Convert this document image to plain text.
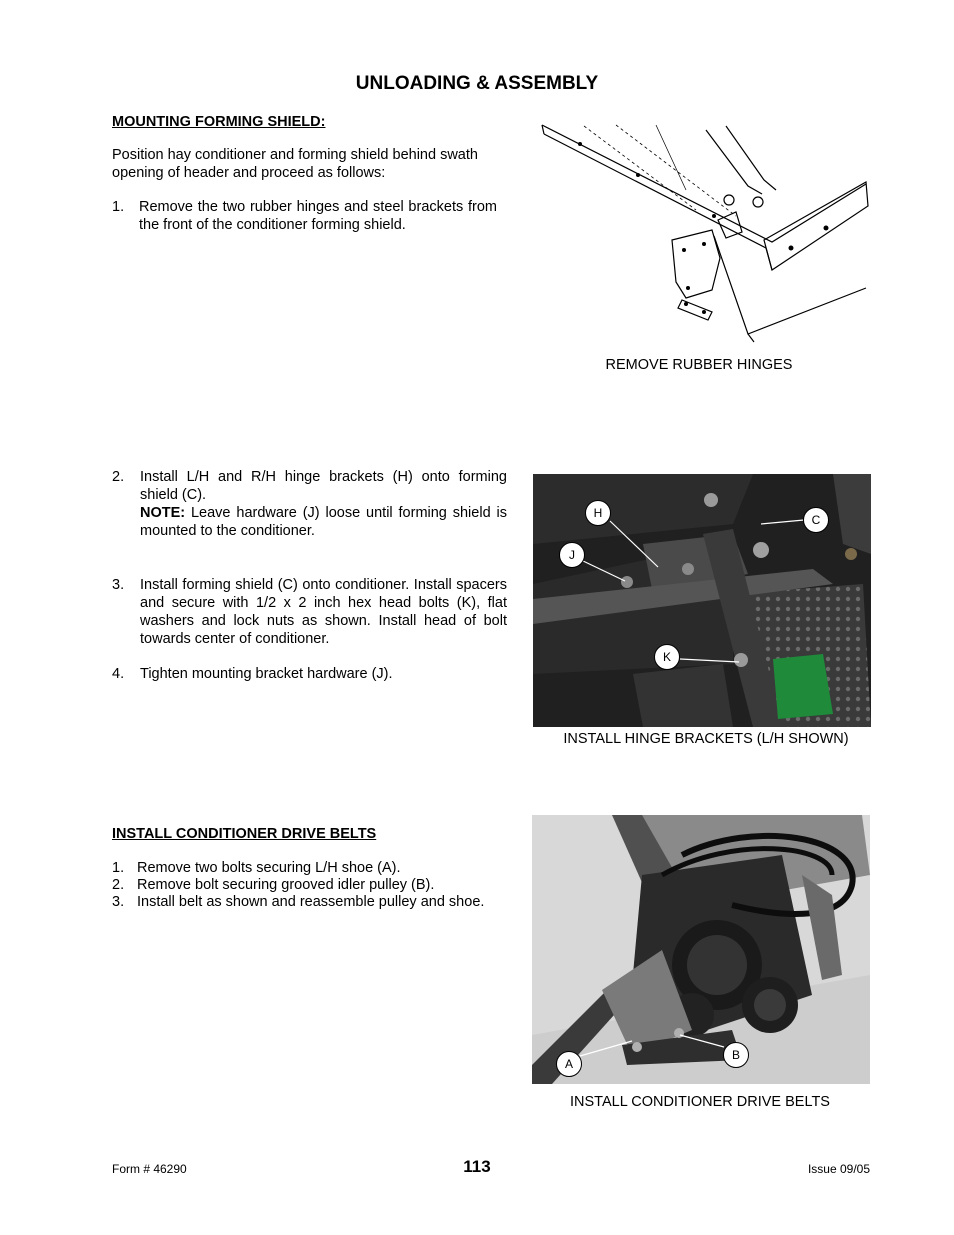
UNLOADING & ASSEMBLY
MOUNTING FORMING SHIELD:
Position hay conditioner and forming shield behind swath opening of header and proceed as follows:
1. Remove the two rubber hinges and steel brackets from the front of the conditioner forming shield.
REMOVE RUBBER HINGES
2. Install L/H and R/H hinge brackets (H) onto forming shield (C).
NOTE: Leave hardware (J) loose until forming shield is mounted to the conditioner.
3. Install forming shield (C) onto conditioner. Install spacers and secure with 1/2 x 2 inch hex head bolts (K), flat washers and lock nuts as shown. Install head of bolt towards center of conditioner.
4. Tighten mounting bracket hardware (J).
H	C
J
K
INSTALL HINGE BRACKETS (L/H SHOWN)
INSTALL CONDITIONER DRIVE BELTS
1. Remove two bolts securing L/H shoe (A).
2. Remove bolt securing grooved idler pulley (B).
3. Install belt as shown and reassemble pulley and shoe.
A
B
INSTALL CONDITIONER DRIVE BELTS
Form # 46290	113	Issue 09/05
